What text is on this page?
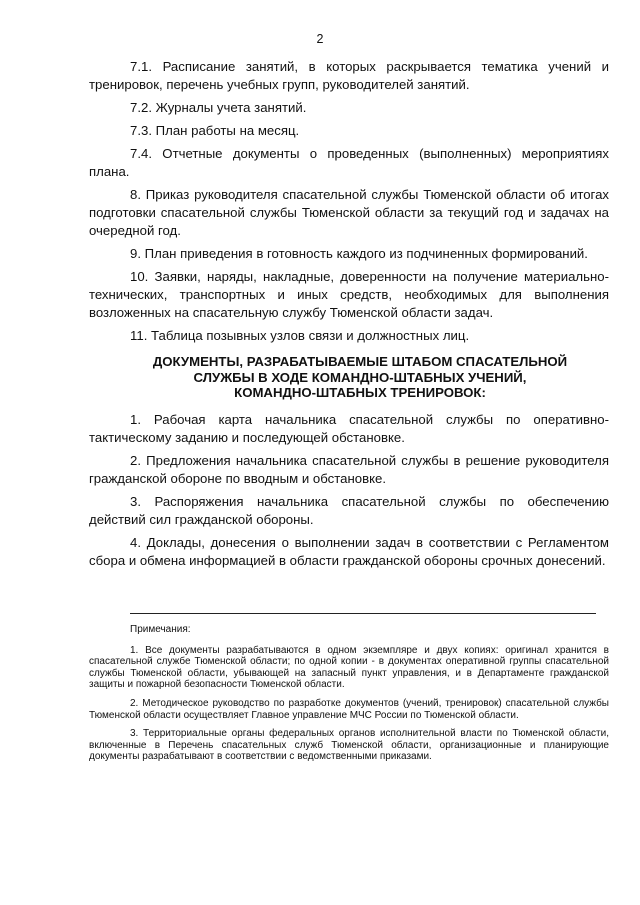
2

7.1. Расписание занятий, в которых раскрывается тематика учений и тренировок, перечень учебных групп, руководителей занятий.

7.2. Журналы учета занятий.

7.3. План работы на месяц.

7.4. Отчетные документы о проведенных (выполненных) мероприятиях плана.

8. Приказ руководителя спасательной службы Тюменской области об итогах подготовки спасательной службы Тюменской области за текущий год и задачах на очередной год.

9. План приведения в готовность каждого из подчиненных формирований.

10. Заявки, наряды, накладные, доверенности на получение материально-технических, транспортных и иных средств, необходимых для выполнения возложенных на спасательную службу Тюменской области задач.

11. Таблица позывных узлов связи и должностных лиц.

ДОКУМЕНТЫ, РАЗРАБАТЫВАЕМЫЕ ШТАБОМ СПАСАТЕЛЬНОЙ
СЛУЖБЫ В ХОДЕ КОМАНДНО-ШТАБНЫХ УЧЕНИЙ,
КОМАНДНО-ШТАБНЫХ ТРЕНИРОВОК:

1. Рабочая карта начальника спасательной службы по оперативно-тактическому заданию и последующей обстановке.

2. Предложения начальника спасательной службы в решение руководителя гражданской обороне по вводным и обстановке.

3. Распоряжения начальника спасательной службы по обеспечению действий сил гражданской обороны.

4. Доклады, донесения о выполнении задач в соответствии с Регламентом сбора и обмена информацией в области гражданской обороны срочных донесений.

Примечания:

1. Все документы разрабатываются в одном экземпляре и двух копиях: оригинал хранится в спасательной службе Тюменской области; по одной копии - в документах оперативной группы спасательной службы Тюменской области, убывающей на запасный пункт управления, и в Департаменте гражданской защиты и пожарной безопасности Тюменской области.

2. Методическое руководство по разработке документов (учений, тренировок) спасательной службы Тюменской области осуществляет Главное управление МЧС России по Тюменской области.

3. Территориальные органы федеральных органов исполнительной власти по Тюменской области, включенные в Перечень спасательных служб Тюменской области, организационные и планирующие документы разрабатывают в соответствии с ведомственными приказами.
